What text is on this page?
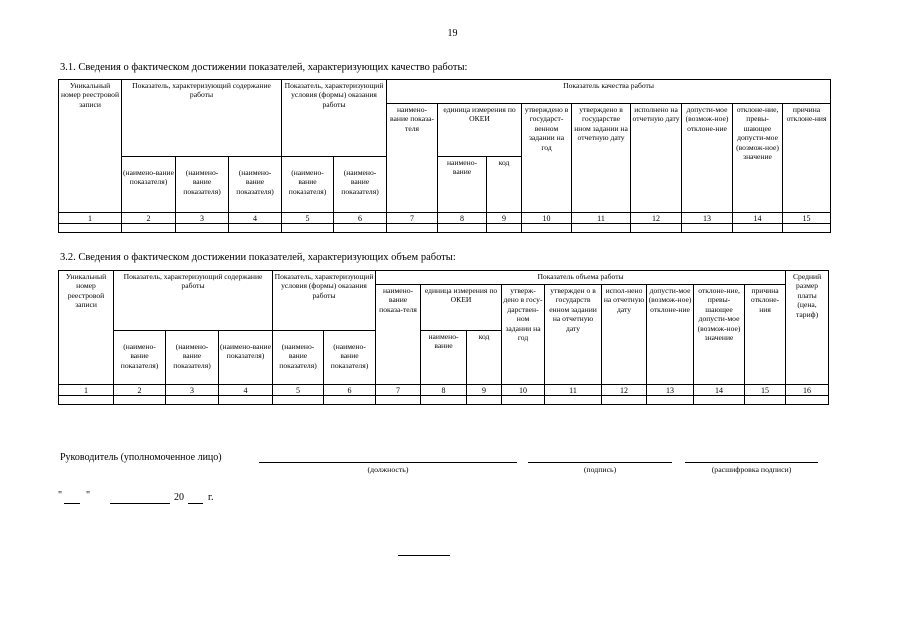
19
3.1. Сведения о фактическом достижении показателей, характеризующих качество работы:
Уникальный номер реестровой записи	Показатель, характеризующий содержание работы			Показатель, характеризующий условия (формы) оказания работы		Показатель качества работы								
						наимено-вание показа-теля	единица измерения по ОКЕИ		утверждено в государст-венном задании на год	утверждено в государстве нном задании на отчетную дату	исполнено на отчетную дату	допусти-мое (возмож-ное) отклоне-ние	отклоне-ние, превы-шающее допусти-мое (возмож-ное) значение	причина отклоне-ния
	(наимено-вание показателя)	(наимено-вание показателя)	(наимено-вание показателя)	(наимено-вание показателя)	(наимено-вание показателя)		наимено-вание	код						
1	2	3	4	5	6	7	8	9	10	11	12	13	14	15

3.2. Сведения о фактическом достижении показателей, характеризующих объем работы:
Уникальный номер реестровой записи	Показатель, характеризующий содержание работы			Показатель, характеризующий условия (формы) оказания работы		Показатель объема работы									Средний размер платы (цена, тариф)
						наимено-вание показа-теля	единица измерения по ОКЕИ		утверж-дено в госу-дарствен-ном задании на год	утвержден о в государств енном задании на отчетную дату	испол-нено на отчетную дату	допусти-мое (возмож-ное) отклоне-ние	отклоне-ние, превы-шающее допусти-мое (возмож-ное) значение	причина отклоне-ния	
	(наимено-вание показателя)	(наимено-вание показателя)	(наимено-вание показателя)	(наимено-вание показателя)	(наимено-вание показателя)		наимено-вание	код							
1	2	3	4	5	6	7	8	9	10	11	12	13	14	15	16

Руководитель (уполномоченное лицо)
(должность)	(подпись)	(расшифровка подписи)
" "	20 г.
